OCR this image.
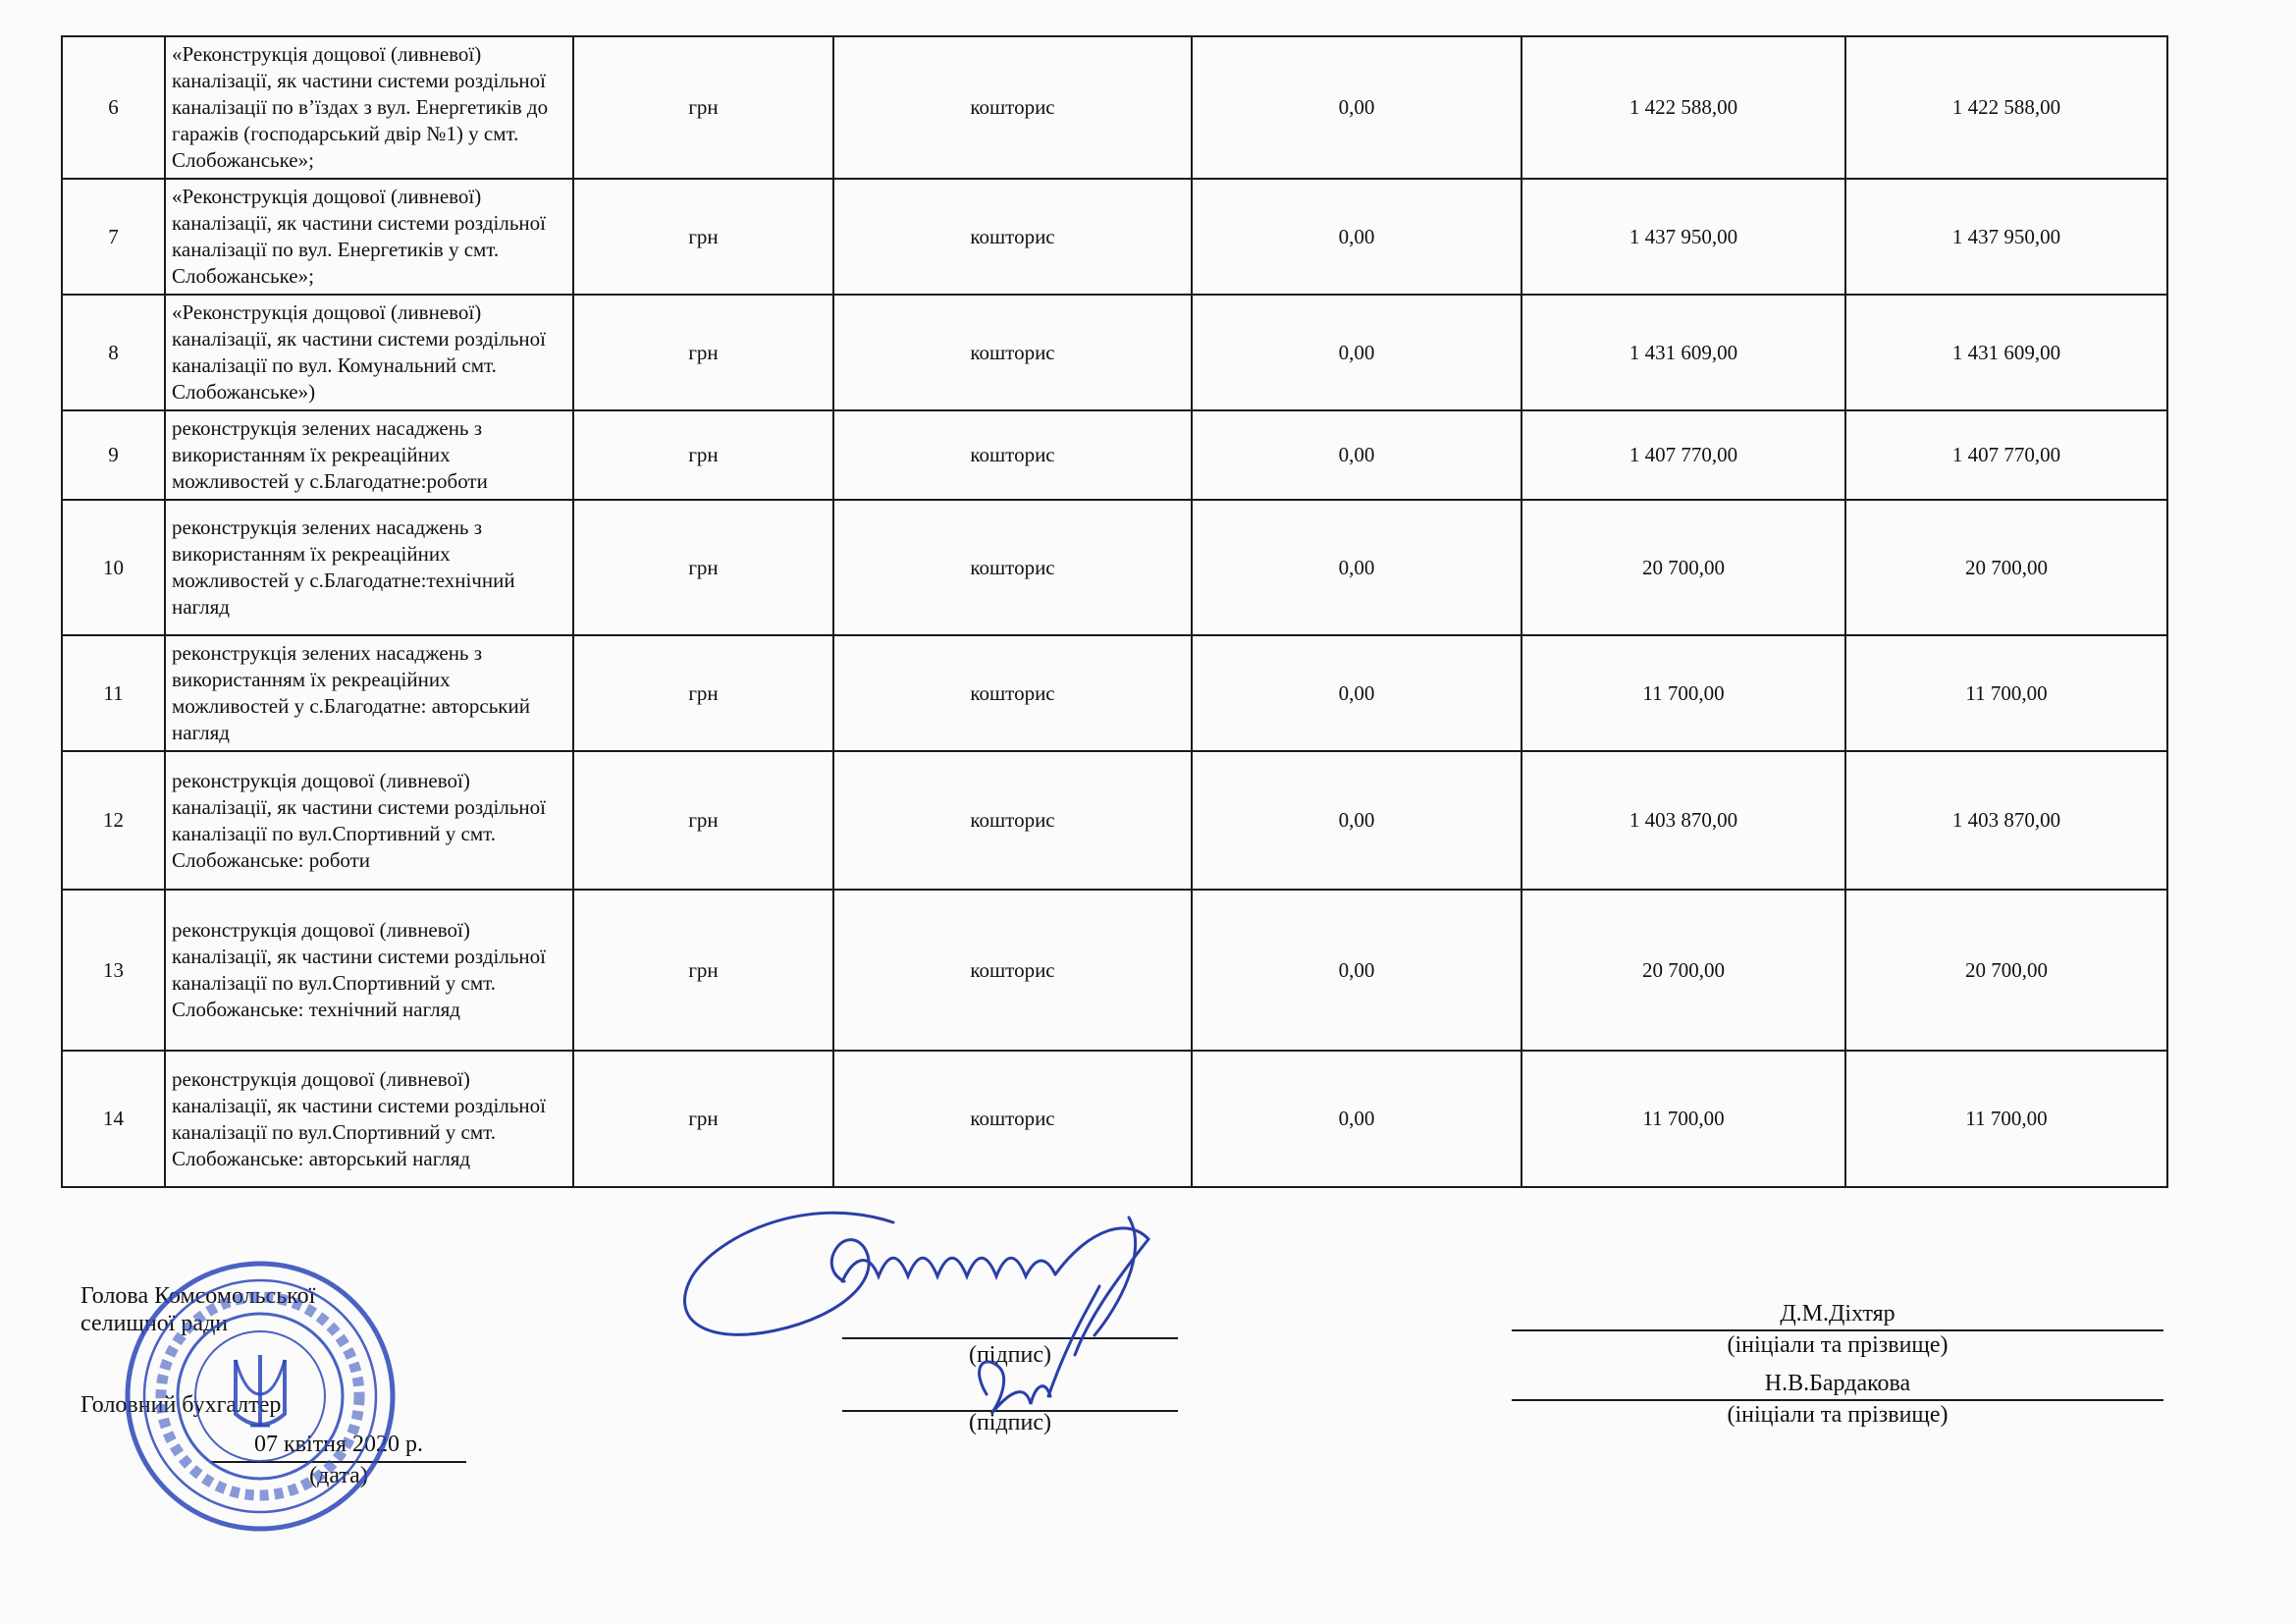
6	«Реконструкція дощової (ливневої) каналізації, як частини системи роздільної каналізації по в’їздах з вул. Енергетиків до гаражів (господарський двір №1) у смт. Слобожанське»;	грн	кошторис	0,00	1 422 588,00	1 422 588,00
7	«Реконструкція дощової (ливневої) каналізації, як частини системи роздільної каналізації по вул. Енергетиків у смт. Слобожанське»;	грн	кошторис	0,00	1 437 950,00	1 437 950,00
8	«Реконструкція дощової (ливневої) каналізації, як частини системи роздільної каналізації по вул. Комунальний смт. Слобожанське»)	грн	кошторис	0,00	1 431 609,00	1 431 609,00
9	реконструкція зелених насаджень з використанням їх рекреаційних можливостей у с.Благодатне:роботи	грн	кошторис	0,00	1 407 770,00	1 407 770,00
10	реконструкція зелених насаджень з використанням їх рекреаційних можливостей у с.Благодатне:технічний нагляд	грн	кошторис	0,00	20 700,00	20 700,00
11	реконструкція зелених насаджень з використанням їх рекреаційних можливостей у с.Благодатне: авторський нагляд	грн	кошторис	0,00	11 700,00	11 700,00
12	реконструкція дощової (ливневої) каналізації, як частини системи роздільної каналізації по вул.Спортивний у смт. Слобожанське: роботи	грн	кошторис	0,00	1 403 870,00	1 403 870,00
13	реконструкція дощової (ливневої) каналізації, як частини системи роздільної каналізації по вул.Спортивний у смт. Слобожанське: технічний нагляд	грн	кошторис	0,00	20 700,00	20 700,00
14	реконструкція дощової (ливневої) каналізації, як частини системи роздільної каналізації по вул.Спортивний у смт. Слобожанське: авторський нагляд	грн	кошторис	0,00	11 700,00	11 700,00
Голова Комсомольської
селищної ради
(підпис)
Д.М.Діхтяр
(ініціали та прізвище)
Головний бухгалтер
(підпис)
Н.В.Бардакова
(ініціали та прізвище)
07 квітня 2020 р.
(дата)
